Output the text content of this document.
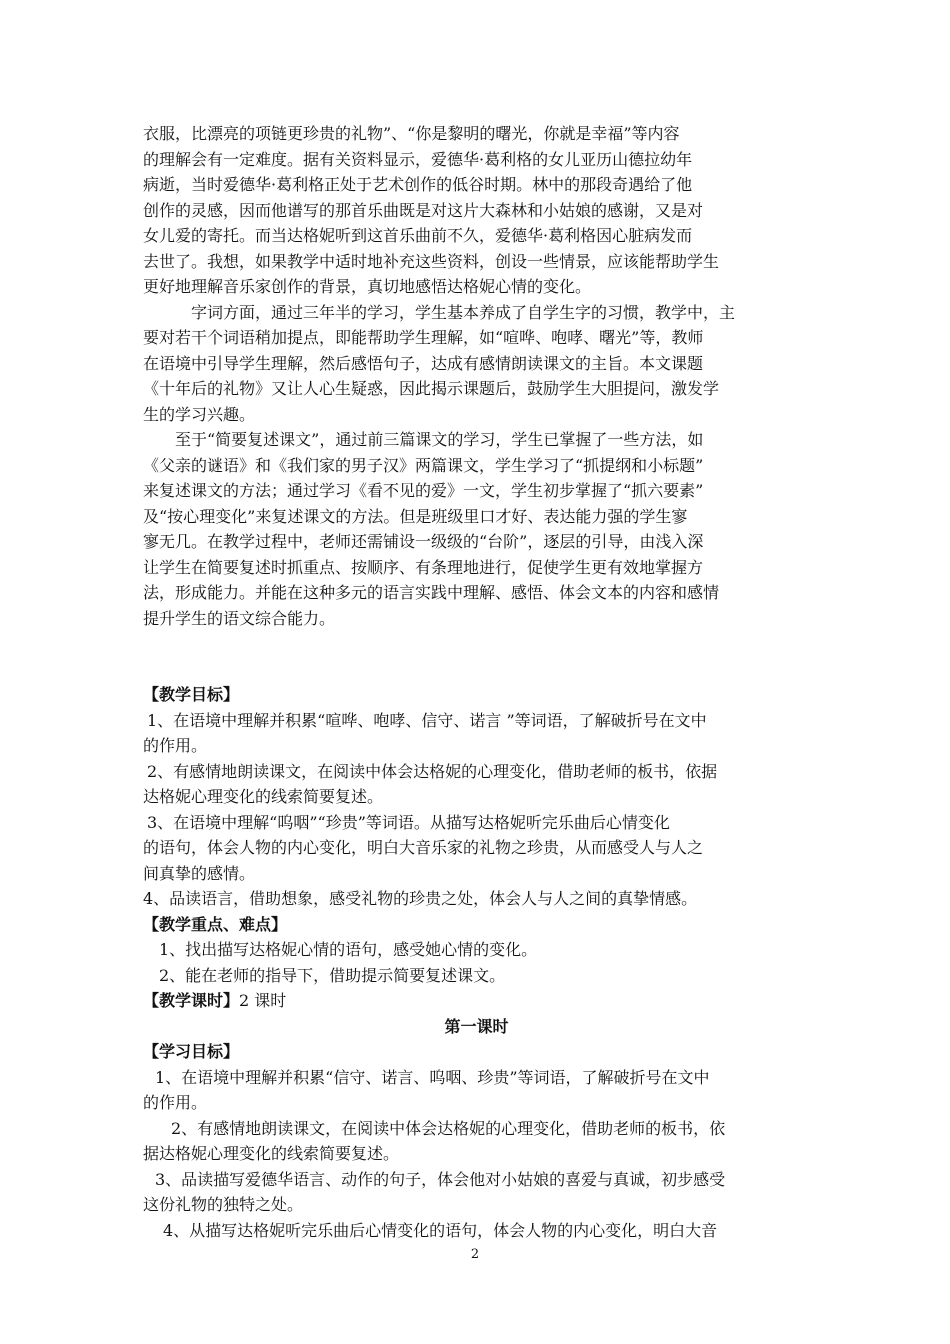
衣服，比漂亮的项链更珍贵的礼物”、“你是黎明的曙光，你就是幸福”等内容
的理解会有一定难度。据有关资料显示，爱德华·葛利格的女儿亚历山德拉幼年
病逝，当时爱德华·葛利格正处于艺术创作的低谷时期。林中的那段奇遇给了他
创作的灵感，因而他谱写的那首乐曲既是对这片大森林和小姑娘的感谢，又是对
女儿爱的寄托。而当达格妮听到这首乐曲前不久，爱德华·葛利格因心脏病发而
去世了。我想，如果教学中适时地补充这些资料，创设一些情景，应该能帮助学生
更好地理解音乐家创作的背景，真切地感悟达格妮心情的变化。

　字词方面，通过三年半的学习，学生基本养成了自学生字的习惯，教学中，主
要对若干个词语稍加提点，即能帮助学生理解，如“喧哗、咆哮、曙光”等，教师
在语境中引导学生理解，然后感悟句子，达成有感情朗读课文的主旨。本文课题
《十年后的礼物》又让人心生疑惑，因此揭示课题后，鼓励学生大胆提问，激发学
生的学习兴趣。

至于“简要复述课文”，通过前三篇课文的学习，学生已掌握了一些方法，如
《父亲的谜语》和《我们家的男子汉》两篇课文，学生学习了“抓提纲和小标题”
来复述课文的方法；通过学习《看不见的爱》一文，学生初步掌握了“抓六要素”
及“按心理变化”来复述课文的方法。但是班级里口才好、表达能力强的学生寥
寥无几。在教学过程中，老师还需铺设一级级的“台阶”，逐层的引导，由浅入深
让学生在简要复述时抓重点、按顺序、有条理地进行，促使学生更有效地掌握方
法，形成能力。并能在这种多元的语言实践中理解、感悟、体会文本的内容和感情
提升学生的语文综合能力。

【教学目标】

1、在语境中理解并积累“喧哗、咆哮、信守、诺言 ”等词语，了解破折号在文中
的作用。

2、有感情地朗读课文，在阅读中体会达格妮的心理变化，借助老师的板书，依据
达格妮心理变化的线索简要复述。

3、在语境中理解“呜咽”“珍贵”等词语。从描写达格妮听完乐曲后心情变化
的语句，体会人物的内心变化，明白大音乐家的礼物之珍贵，从而感受人与人之
间真挚的感情。

4、品读语言，借助想象，感受礼物的珍贵之处，体会人与人之间的真挚情感。

【教学重点、难点】

1、找出描写达格妮心情的语句，感受她心情的变化。

2、能在老师的指导下，借助提示简要复述课文。

【教学课时】2 课时

第一课时

【学习目标】

1、在语境中理解并积累“信守、诺言、呜咽、珍贵”等词语，了解破折号在文中
的作用。

2、有感情地朗读课文，在阅读中体会达格妮的心理变化，借助老师的板书，依
据达格妮心理变化的线索简要复述。

3、品读描写爱德华语言、动作的句子，体会他对小姑娘的喜爱与真诚，初步感受
这份礼物的独特之处。

4、从描写达格妮听完乐曲后心情变化的语句，体会人物的内心变化，明白大音

2
